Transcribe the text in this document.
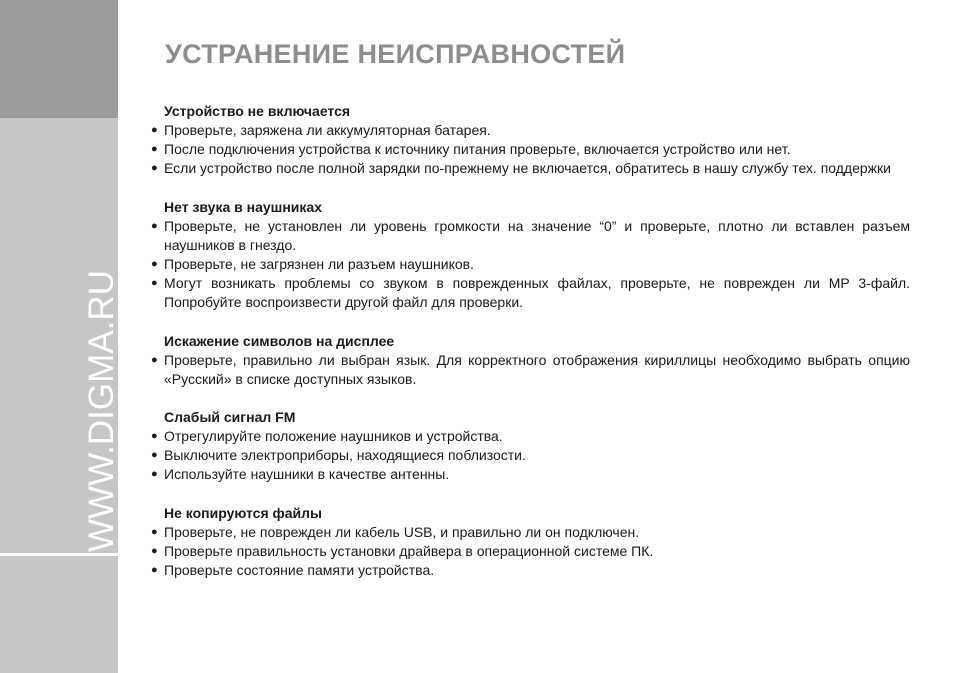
WWW.DIGMA.RU
УСТРАНЕНИЕ НЕИСПРАВНОСТЕЙ
Устройство не включается
● Проверьте, заряжена ли аккумуляторная батарея.
● После подключения устройства к источнику питания проверьте, включается устройство или нет.
● Если устройство после полной зарядки по-прежнему не включается, обратитесь в нашу службу тех. поддержки
Нет звука в наушниках
● Проверьте, не установлен ли уровень громкости на значение “0” и проверьте, плотно ли вставлен разъем наушников в гнездо.
● Проверьте, не загрязнен ли разъем наушников.
● Могут возникать проблемы со звуком в поврежденных файлах, проверьте, не поврежден ли MP 3-файл. Попробуйте воспроизвести другой файл для проверки.
Искажение символов на дисплее
● Проверьте, правильно ли выбран язык. Для корректного отображения кириллицы необходимо выбрать опцию «Русский» в списке доступных языков.
Слабый сигнал FM
● Отрегулируйте положение наушников и устройства.
● Выключите электроприборы, находящиеся поблизости.
● Используйте наушники в качестве антенны.
Не копируются файлы
● Проверьте, не поврежден ли кабель USB, и правильно ли он подключен.
● Проверьте правильность установки драйвера в операционной системе ПК.
● Проверьте состояние памяти устройства.
